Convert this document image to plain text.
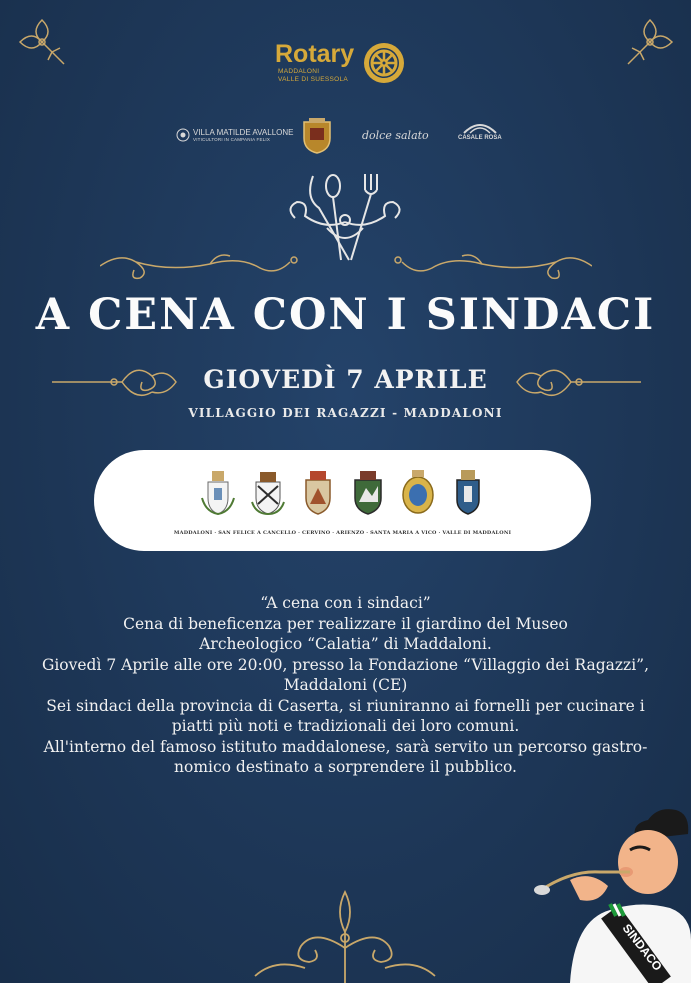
Rotary
MADDALONI
VALLE DI SUESSOLA
VILLA MATILDE AVALLONE
VITICULTORI IN CAMPANIA FELIX	dolce salato	CASALE ROSA
A CENA CON I SINDACI
GIOVEDÌ 7 APRILE
VILLAGGIO DEI RAGAZZI - MADDALONI
MADDALONI · SAN FELICE A CANCELLO · CERVINO · ARIENZO · SANTA MARIA A VICO · VALLE DI MADDALONI

“A cena con i sindaci”

Cena di beneficenza per realizzare il giardino del Museo

Archeologico “Calatia” di Maddaloni.

Giovedì 7 Aprile alle ore 20:00, presso la Fondazione “Villaggio dei Ragazzi”,

Maddaloni (CE)

Sei sindaci della provincia di Caserta, si riuniranno ai fornelli per cucinare i

piatti più noti e tradizionali dei loro comuni.

All'interno del famoso istituto maddalonese, sarà servito un percorso gastro-

nomico destinato a sorprendere il pubblico.

SINDACO
